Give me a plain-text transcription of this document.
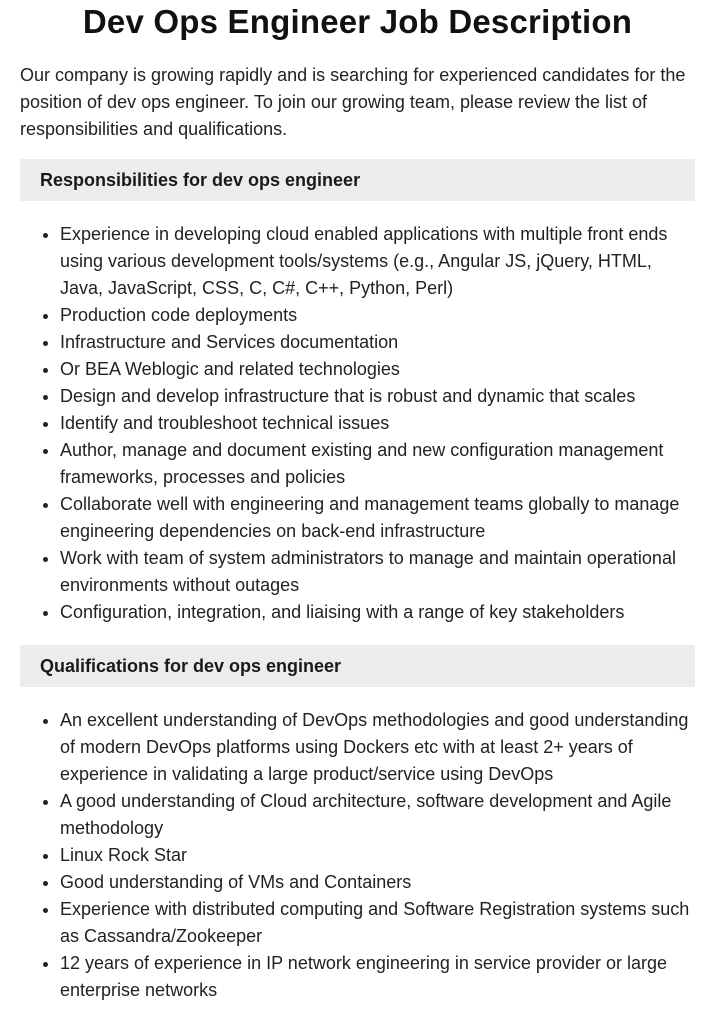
Dev Ops Engineer Job Description

Our company is growing rapidly and is searching for experienced candidates for the position of dev ops engineer. To join our growing team, please review the list of responsibilities and qualifications.

Responsibilities for dev ops engineer
• Experience in developing cloud enabled applications with multiple front ends using various development tools/systems (e.g., Angular JS, jQuery, HTML, Java, JavaScript, CSS, C, C#, C++, Python, Perl)
• Production code deployments
• Infrastructure and Services documentation
• Or BEA Weblogic and related technologies
• Design and develop infrastructure that is robust and dynamic that scales
• Identify and troubleshoot technical issues
• Author, manage and document existing and new configuration management frameworks, processes and policies
• Collaborate well with engineering and management teams globally to manage engineering dependencies on back-end infrastructure
• Work with team of system administrators to manage and maintain operational environments without outages
• Configuration, integration, and liaising with a range of key stakeholders
Qualifications for dev ops engineer
• An excellent understanding of DevOps methodologies and good understanding of modern DevOps platforms using Dockers etc with at least 2+ years of experience in validating a large product/service using DevOps
• A good understanding of Cloud architecture, software development and Agile methodology
• Linux Rock Star
• Good understanding of VMs and Containers
• Experience with distributed computing and Software Registration systems such as Cassandra/Zookeeper
• 12 years of experience in IP network engineering in service provider or large enterprise networks
